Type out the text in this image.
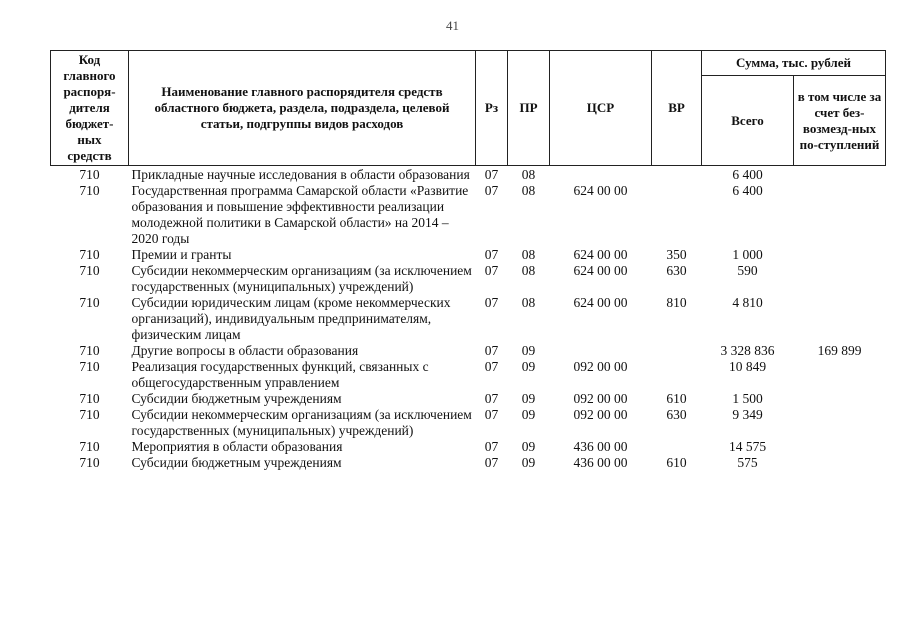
41
Код главного распоря-дителя бюджет-ных средств	Наименование главного распорядителя средств областного бюджета, раздела, подраздела, целевой статьи, подгруппы видов расходов	Рз	ПР	ЦСР	ВР	Сумма, тыс. рублей	
						Всего	в том числе за счет без-возмезд-ных по-ступлений
710	Прикладные научные исследования в области образования	07	08			6 400	
710	Государственная программа Самарской области «Развитие образования и повышение эффективности реализации молодежной политики в Самарской области» на 2014 – 2020 годы	07	08	624 00 00		6 400	
710	Премии и гранты	07	08	624 00 00	350	1 000	
710	Субсидии некоммерческим организациям (за исключением государственных (муниципальных) учреждений)	07	08	624 00 00	630	590	
710	Субсидии юридическим лицам (кроме некоммерческих организаций), индивидуальным предпринимателям, физическим лицам	07	08	624 00 00	810	4 810	
710	Другие вопросы в области образования	07	09			3 328 836	169 899
710	Реализация государственных функций, связанных с общегосударственным управлением	07	09	092 00 00		10 849	
710	Субсидии бюджетным учреждениям	07	09	092 00 00	610	1 500	
710	Субсидии некоммерческим организациям (за исключением государственных (муниципальных) учреждений)	07	09	092 00 00	630	9 349	
710	Мероприятия в области образования	07	09	436 00 00		14 575	
710	Субсидии бюджетным учреждениям	07	09	436 00 00	610	575	
